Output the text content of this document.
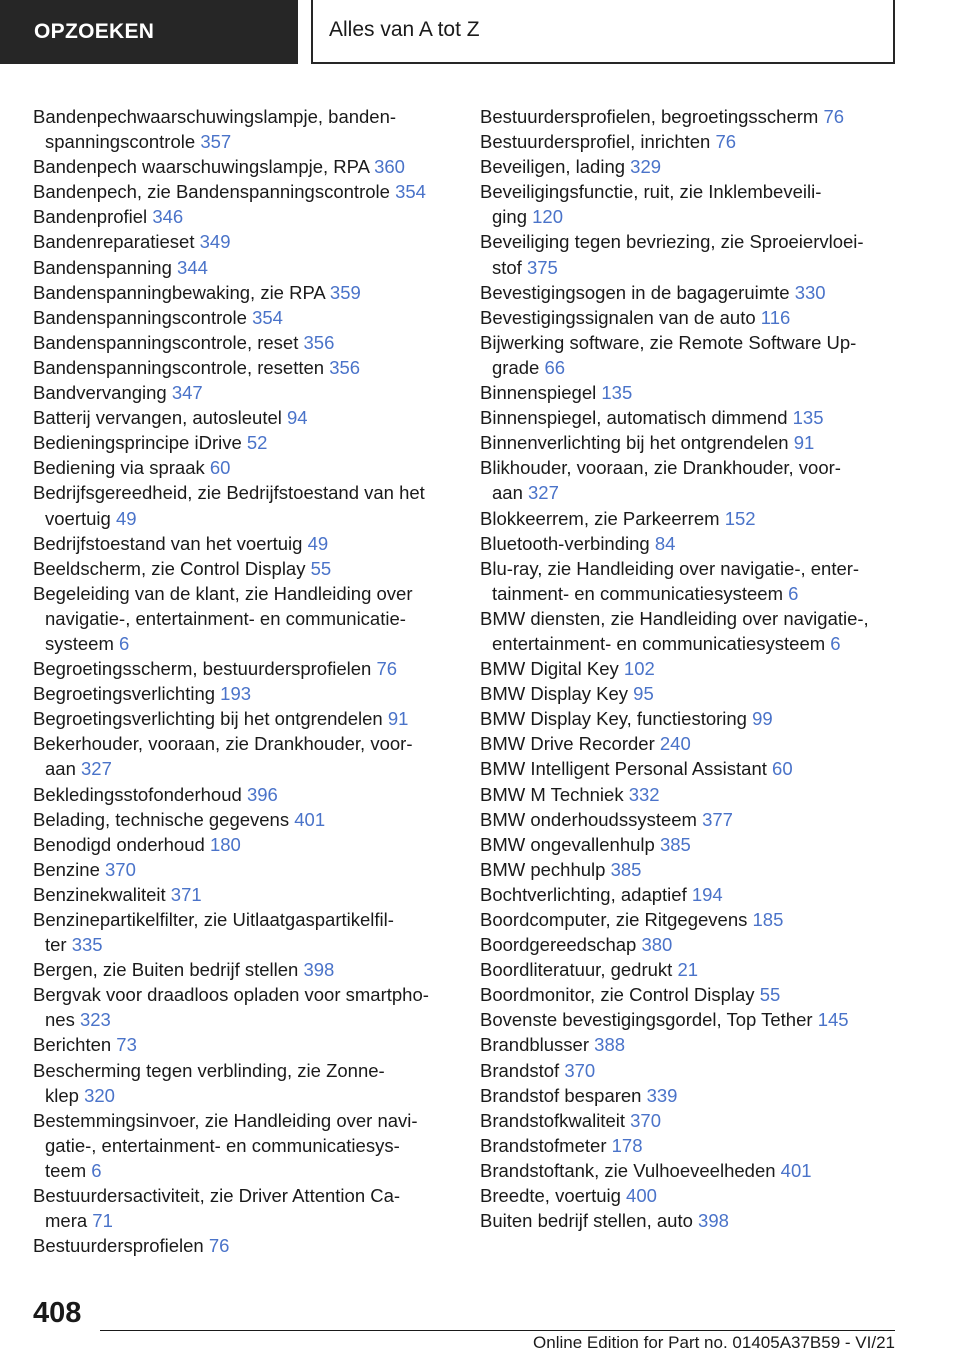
OPZOEKEN	Alles van A tot Z
Bandenpechwaarschuwingslampje, banden-
spanningscontrole 357
Bandenpech waarschuwingslampje, RPA 360
Bandenpech, zie Bandenspanningscontrole 354
Bandenprofiel 346
Bandenreparatieset 349
Bandenspanning 344
Bandenspanningbewaking, zie RPA 359
Bandenspanningscontrole 354
Bandenspanningscontrole, reset 356
Bandenspanningscontrole, resetten 356
Bandvervanging 347
Batterij vervangen, autosleutel 94
Bedieningsprincipe iDrive 52
Bediening via spraak 60
Bedrijfsgereedheid, zie Bedrijfstoestand van het
voertuig 49
Bedrijfstoestand van het voertuig 49
Beeldscherm, zie Control Display 55
Begeleiding van de klant, zie Handleiding over
navigatie-, entertainment- en communicatie-
systeem 6
Begroetingsscherm, bestuurdersprofielen 76
Begroetingsverlichting 193
Begroetingsverlichting bij het ontgrendelen 91
Bekerhouder, vooraan, zie Drankhouder, voor-
aan 327
Bekledingsstofonderhoud 396
Belading, technische gegevens 401
Benodigd onderhoud 180
Benzine 370
Benzinekwaliteit 371
Benzinepartikelfilter, zie Uitlaatgaspartikelfil-
ter 335
Bergen, zie Buiten bedrijf stellen 398
Bergvak voor draadloos opladen voor smartpho-
nes 323
Berichten 73
Bescherming tegen verblinding, zie Zonne-
klep 320
Bestemmingsinvoer, zie Handleiding over navi-
gatie-, entertainment- en communicatiesys-
teem 6
Bestuurdersactiviteit, zie Driver Attention Ca-
mera 71
Bestuurdersprofielen 76
Bestuurdersprofielen, begroetingsscherm 76
Bestuurdersprofiel, inrichten 76
Beveiligen, lading 329
Beveiligingsfunctie, ruit, zie Inklembeveili-
ging 120
Beveiliging tegen bevriezing, zie Sproeiervloei-
stof 375
Bevestigingsogen in de bagageruimte 330
Bevestigingssignalen van de auto 116
Bijwerking software, zie Remote Software Up-
grade 66
Binnenspiegel 135
Binnenspiegel, automatisch dimmend 135
Binnenverlichting bij het ontgrendelen 91
Blikhouder, vooraan, zie Drankhouder, voor-
aan 327
Blokkeerrem, zie Parkeerrem 152
Bluetooth-verbinding 84
Blu-ray, zie Handleiding over navigatie-, enter-
tainment- en communicatiesysteem 6
BMW diensten, zie Handleiding over navigatie-,
entertainment- en communicatiesysteem 6
BMW Digital Key 102
BMW Display Key 95
BMW Display Key, functiestoring 99
BMW Drive Recorder 240
BMW Intelligent Personal Assistant 60
BMW M Techniek 332
BMW onderhoudssysteem 377
BMW ongevallenhulp 385
BMW pechhulp 385
Bochtverlichting, adaptief 194
Boordcomputer, zie Ritgegevens 185
Boordgereedschap 380
Boordliteratuur, gedrukt 21
Boordmonitor, zie Control Display 55
Bovenste bevestigingsgordel, Top Tether 145
Brandblusser 388
Brandstof 370
Brandstof besparen 339
Brandstofkwaliteit 370
Brandstofmeter 178
Brandstoftank, zie Vulhoeveelheden 401
Breedte, voertuig 400
Buiten bedrijf stellen, auto 398
408
Online Edition for Part no. 01405A37B59 - VI/21
